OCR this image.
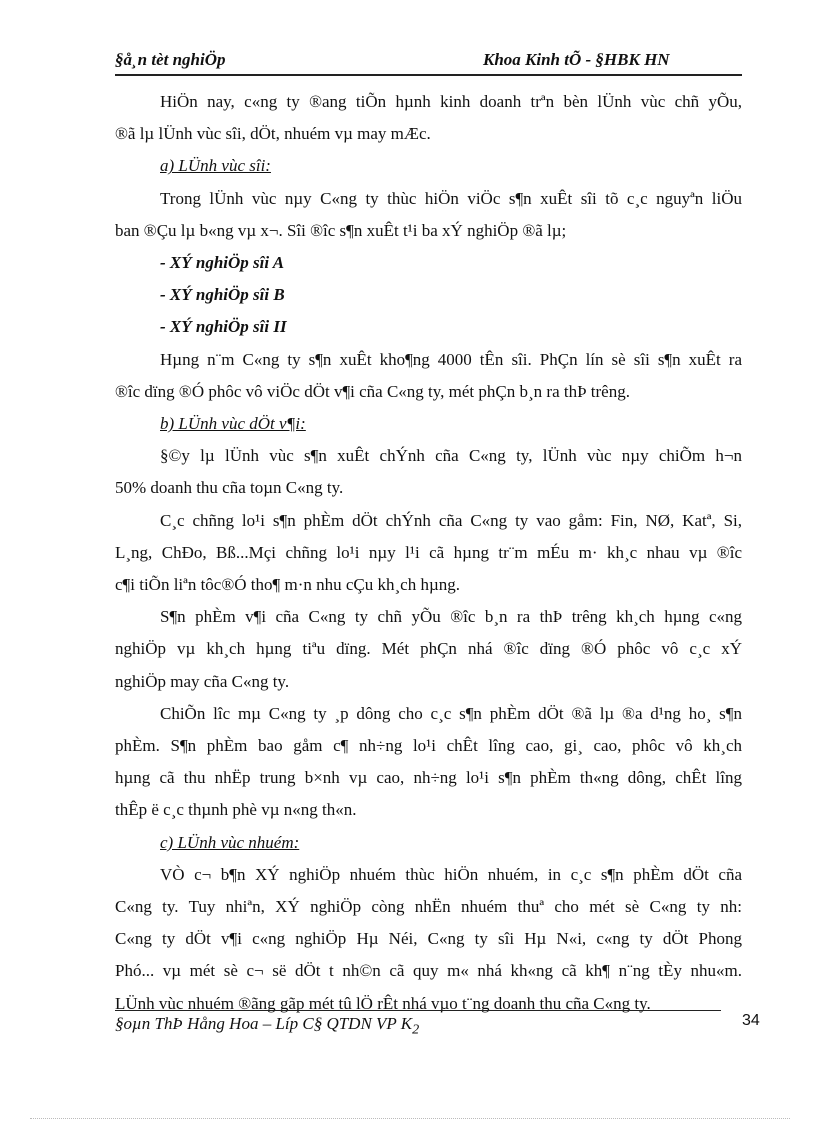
§å¸n tèt nghiÖp	Khoa Kinh tÕ - §HBK HN
HiÖn nay, c«ng ty ®ang tiÕn hµnh kinh doanh trªn bèn lÜnh vùc chñ yÕu,
®ã lµ lÜnh vùc sîi, dÖt, nhuém vµ may mÆc.
a) LÜnh vùc sîi:
Trong lÜnh vùc nµy C«ng ty thùc hiÖn viÖc s¶n xuÊt sîi tõ c¸c nguyªn liÖu
ban ®Çu lµ b«ng vµ x¬. Sîi ®îc s¶n xuÊt t¹i ba xÝ nghiÖp ®ã lµ;
- XÝ nghiÖp sîi A
- XÝ nghiÖp sîi B
- XÝ nghiÖp sîi II
Hµng n¨m C«ng ty s¶n xuÊt kho¶ng 4000 tÊn sîi. PhÇn lín sè sîi s¶n xuÊt ra
®îc dïng ®Ó phôc vô viÖc dÖt v¶i cña C«ng ty, mét phÇn b¸n ra thÞ trêng.
b) LÜnh vùc dÖt v¶i:
§©y lµ lÜnh vùc s¶n xuÊt chÝnh cña C«ng ty, lÜnh vùc nµy chiÕm h¬n
50% doanh thu cña toµn C«ng ty.
C¸c chñng lo¹i s¶n phÈm dÖt chÝnh cña C«ng ty vao gåm: Fin, NØ, Katª, Si,
L¸ng, ChÐo, Bß...Mçi chñng lo¹i nµy l¹i cã hµng tr¨m mÉu m· kh¸c nhau vµ ®îc
c¶i tiÕn liªn tôc®Ó tho¶ m·n nhu cÇu kh¸ch hµng.
S¶n phÈm v¶i cña C«ng ty chñ yÕu ®îc b¸n ra thÞ trêng kh¸ch hµng c«ng
nghiÖp vµ kh¸ch hµng tiªu dïng. Mét phÇn nhá ®îc dïng ®Ó phôc vô c¸c xÝ
nghiÖp may cña C«ng ty.
ChiÕn lîc mµ C«ng ty ¸p dông cho c¸c s¶n phÈm dÖt ®ã lµ ®a d¹ng ho¸ s¶n
phÈm. S¶n phÈm bao gåm c¶ nh÷ng lo¹i chÊt lîng cao, gi¸ cao, phôc vô kh¸ch
hµng cã thu nhËp trung b×nh vµ cao, nh÷ng lo¹i s¶n phÈm th«ng dông, chÊt lîng
thÊp ë c¸c thµnh phè vµ n«ng th«n.
c) LÜnh vùc nhuém:
VÒ c¬ b¶n XÝ nghiÖp nhuém thùc hiÖn nhuém, in c¸c s¶n phÈm dÖt cña
C«ng ty. Tuy nhiªn, XÝ nghiÖp còng nhËn nhuém thuª cho mét sè C«ng ty nh:
C«ng ty dÖt v¶i c«ng nghiÖp Hµ Néi, C«ng ty sîi Hµ N«i, c«ng ty dÖt Phong
Phó... vµ mét sè c¬ së dÖt t nh©n cã quy m« nhá kh«ng cã kh¶ n¨ng tÈy nhu«m.
LÜnh vùc nhuém ®ãng gãp mét tû lÖ rÊt nhá vµo t¨ng doanh thu cña C«ng ty.
§oµn ThÞ Hång Hoa – Líp C§ QTDN VP $K_2$
34
